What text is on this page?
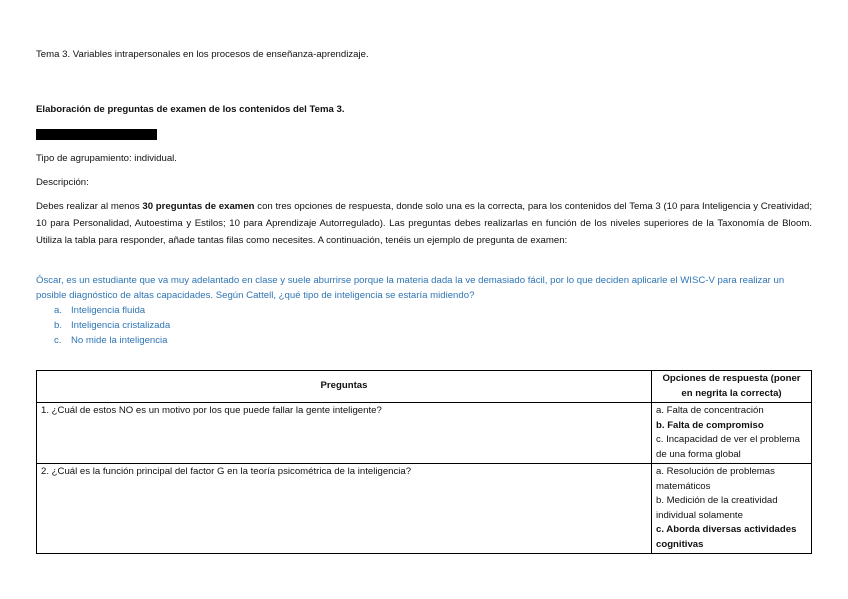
Tema 3. Variables intrapersonales en los procesos de enseñanza-aprendizaje.
Elaboración de preguntas de examen de los contenidos del Tema 3.
Tipo de agrupamiento: individual.
Descripción:
Debes realizar al menos 30 preguntas de examen con tres opciones de respuesta, donde solo una es la correcta, para los contenidos del Tema 3 (10 para Inteligencia y Creatividad; 10 para Personalidad, Autoestima y Estilos; 10 para Aprendizaje Autorregulado). Las preguntas debes realizarlas en función de los niveles superiores de la Taxonomía de Bloom. Utiliza la tabla para responder, añade tantas filas como necesites. A continuación, tenéis un ejemplo de pregunta de examen:
Óscar, es un estudiante que va muy adelantado en clase y suele aburrirse porque la materia dada la ve demasiado fácil, por lo que deciden aplicarle el WISC-V para realizar un posible diagnóstico de altas capacidades. Según Cattell, ¿qué tipo de inteligencia se estaría midiendo?
a. Inteligencia fluida
b. Inteligencia cristalizada
c. No mide la inteligencia
Preguntas	Opciones de respuesta (poner en negrita la correcta)
1. ¿Cuál de estos NO es un motivo por los que puede fallar la gente inteligente?	a. Falta de concentración
b. Falta de compromiso
c. Incapacidad de ver el problema de una forma global

2. ¿Cuál es la función principal del factor G en la teoría psicométrica de la inteligencia?	a. Resolución de problemas matemáticos
b. Medición de la creatividad individual solamente
c. Aborda diversas actividades cognitivas
